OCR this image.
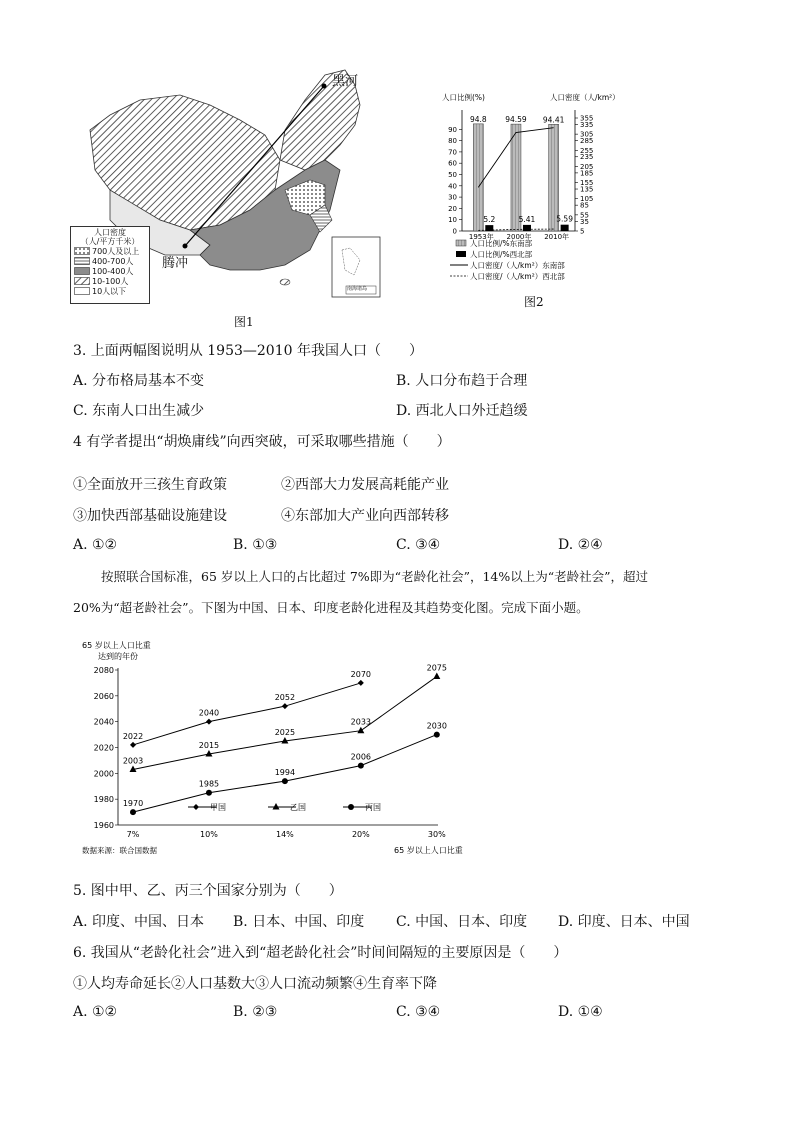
黑河
腾冲
南海诸岛
人口密度
（人/平方千米）
700人及以上
400-700人
100-400人
10-100人
10人以下
图1
人口比例(%)	人口密度（人/km²）
0
10
20
30
40
50
60
70
80
90
5
35
55
85
105
135
155
185
205
235
255
285
305
335
355
94.8
5.2
1953年
94.59
5.41
2000年
94.41
5.59
2010年
人口比例/%东南部
人口比例/%西北部
人口密度/（人/km²）东南部
人口密度/（人/km²）西北部
图2
3. 上面两幅图说明从 1953—2010 年我国人口（　　）
A. 分布格局基本不变	B. 人口分布趋于合理
C. 东南人口出生减少	D. 西北人口外迁趋缓
4 有学者提出“胡焕庸线”向西突破，可采取哪些措施（　　）
①全面放开三孩生育政策	②西部大力发展高耗能产业
③加快西部基础设施建设	④东部加大产业向西部转移
A. ①②	B. ①③	C. ③④	D. ②④
按照联合国标准，65 岁以上人口的占比超过 7%即为“老龄化社会”，14%以上为“老龄社会”，超过
20%为“超老龄社会”。下图为中国、日本、印度老龄化进程及其趋势变化图。完成下面小题。
65 岁以上人口比重
达到的年份
1960
1980
2000
2020
2040
2060
2080
7%	10%	14%	20%	30%
2022
2040
2052
2070
2003
2015
2025
2033
2075
1970
1985
1994
2006
2030
甲国	乙国	丙国
数据来源：联合国数据	65 岁以上人口比重
5. 图中甲、乙、丙三个国家分别为（　　）
A. 印度、中国、日本 B. 日本、中国、印度 C. 中国、日本、印度 D. 印度、日本、中国
6. 我国从“老龄化社会”进入到“超老龄化社会”时间间隔短的主要原因是（　　）
①人均寿命延长②人口基数大③人口流动频繁④生育率下降
A. ①②	B. ②③	C. ③④	D. ①④
